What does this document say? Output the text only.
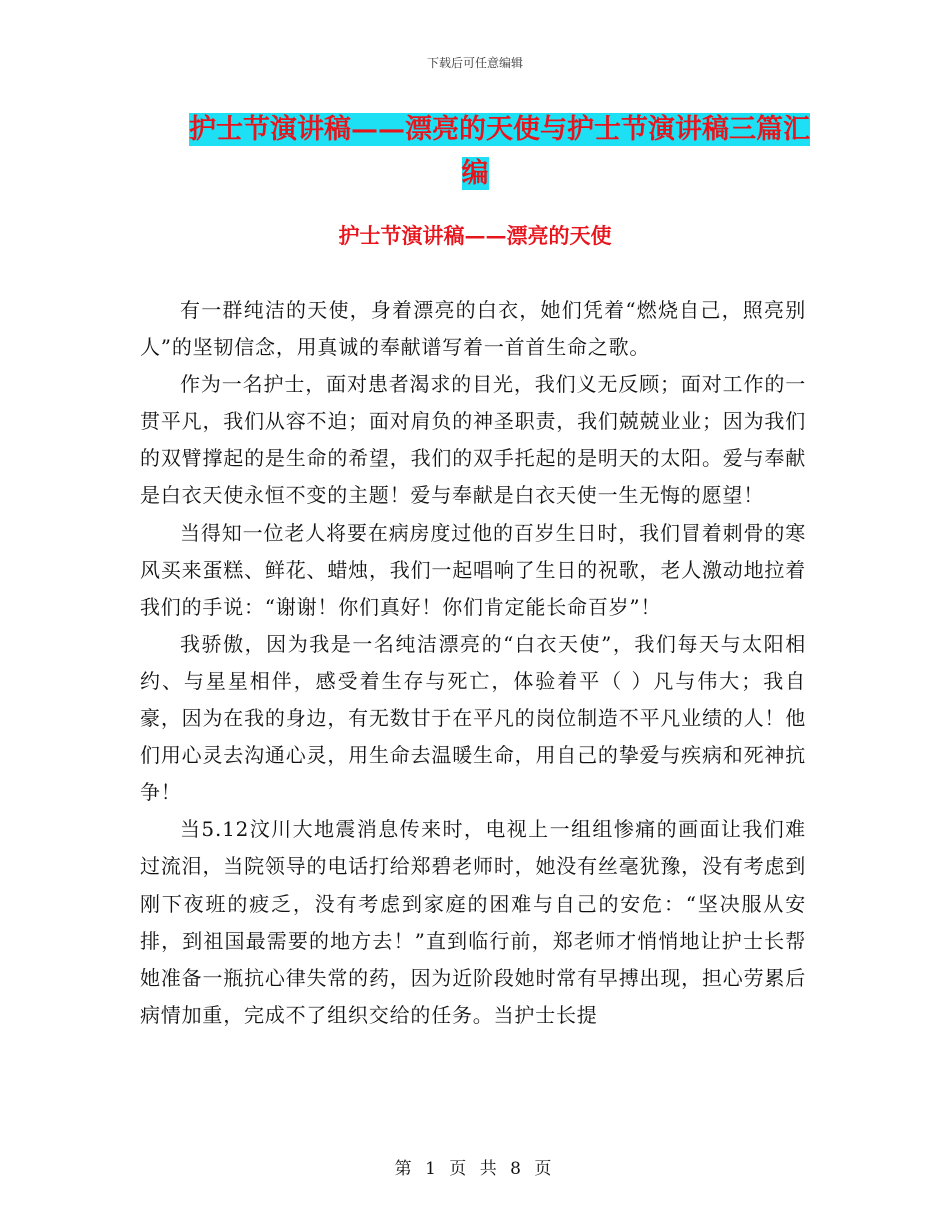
下载后可任意编辑
护士节演讲稿——漂亮的天使与护士节演讲稿三篇汇
编
护士节演讲稿——漂亮的天使

有一群纯洁的天使，身着漂亮的白衣，她们凭着“燃烧自己，照亮别人”的坚韧信念，用真诚的奉献谱写着一首首生命之歌。

作为一名护士，面对患者渴求的目光，我们义无反顾；面对工作的一贯平凡，我们从容不迫；面对肩负的神圣职责，我们兢兢业业；因为我们的双臂撑起的是生命的希望，我们的双手托起的是明天的太阳。爱与奉献是白衣天使永恒不变的主题！爱与奉献是白衣天使一生无悔的愿望！

当得知一位老人将要在病房度过他的百岁生日时，我们冒着刺骨的寒风买来蛋糕、鲜花、蜡烛，我们一起唱响了生日的祝歌，老人激动地拉着我们的手说：“谢谢！你们真好！你们肯定能长命百岁”！

我骄傲，因为我是一名纯洁漂亮的“白衣天使”，我们每天与太阳相约、与星星相伴，感受着生存与死亡，体验着平（ ）凡与伟大；我自豪，因为在我的身边，有无数甘于在平凡的岗位制造不平凡业绩的人！他们用心灵去沟通心灵，用生命去温暖生命，用自己的挚爱与疾病和死神抗争！

当5.12汶川大地震消息传来时，电视上一组组惨痛的画面让我们难过流泪，当院领导的电话打给郑碧老师时，她没有丝毫犹豫，没有考虑到刚下夜班的疲乏，没有考虑到家庭的困难与自己的安危：“坚决服从安排，到祖国最需要的地方去！”直到临行前，郑老师才悄悄地让护士长帮她准备一瓶抗心律失常的药，因为近阶段她时常有早搏出现，担心劳累后病情加重，完成不了组织交给的任务。当护士长提

第 1 页 共 8 页
